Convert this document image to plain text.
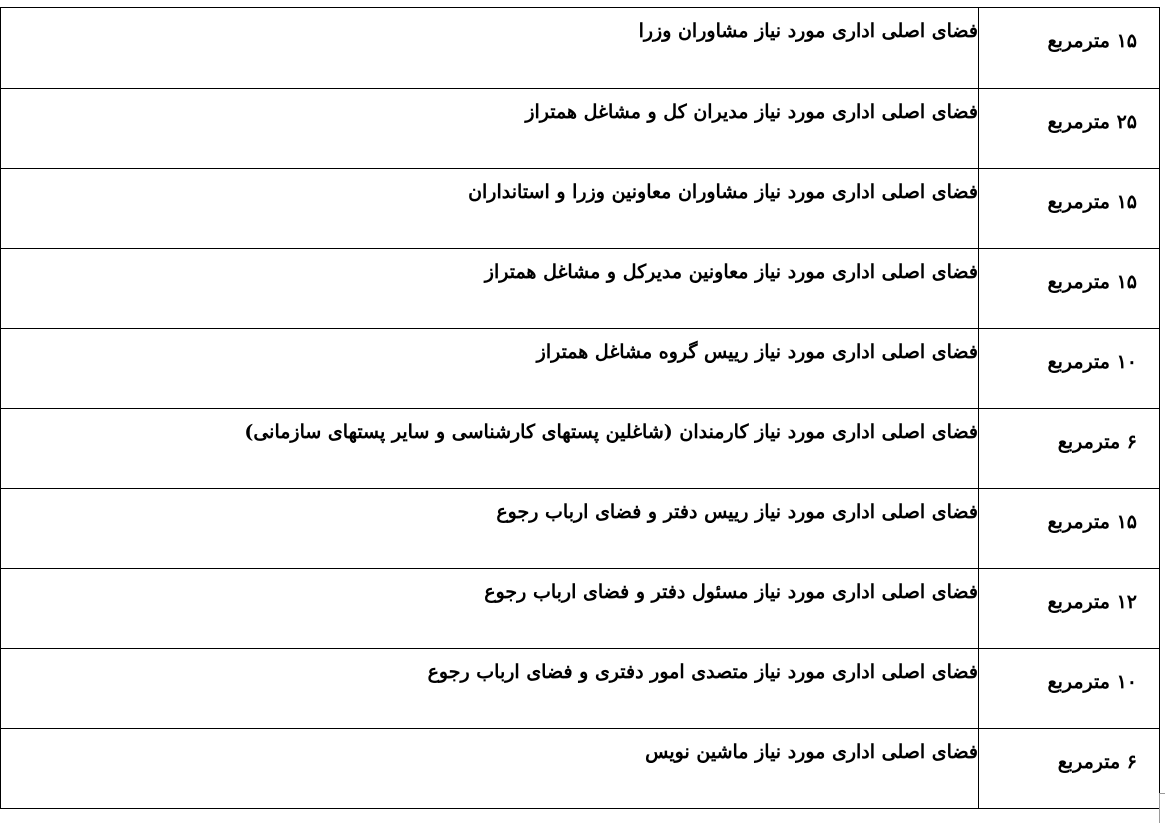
۱۵ مترمربع	فضای اصلی اداری مورد نیاز مشاوران وزرا
۲۵ مترمربع	فضای اصلی اداری مورد نیاز مدیران کل و مشاغل همتراز
۱۵ مترمربع	فضای اصلی اداری مورد نیاز مشاوران معاونین وزرا و استانداران
۱۵ مترمربع	فضای اصلی اداری مورد نیاز معاونین مدیرکل و مشاغل همتراز
۱۰ مترمربع	فضای اصلی اداری مورد نیاز رییس گروه مشاغل همتراز
۶ مترمربع	فضای اصلی اداری مورد نیاز کارمندان (شاغلین پستهای کارشناسی و سایر پستهای سازمانی)
۱۵ مترمربع	فضای اصلی اداری مورد نیاز رییس دفتر و فضای ارباب رجوع
۱۲ مترمربع	فضای اصلی اداری مورد نیاز مسئول دفتر و فضای ارباب رجوع
۱۰ مترمربع	فضای اصلی اداری مورد نیاز متصدی امور دفتری و فضای ارباب رجوع
۶ مترمربع	فضای اصلی اداری مورد نیاز ماشین نویس
